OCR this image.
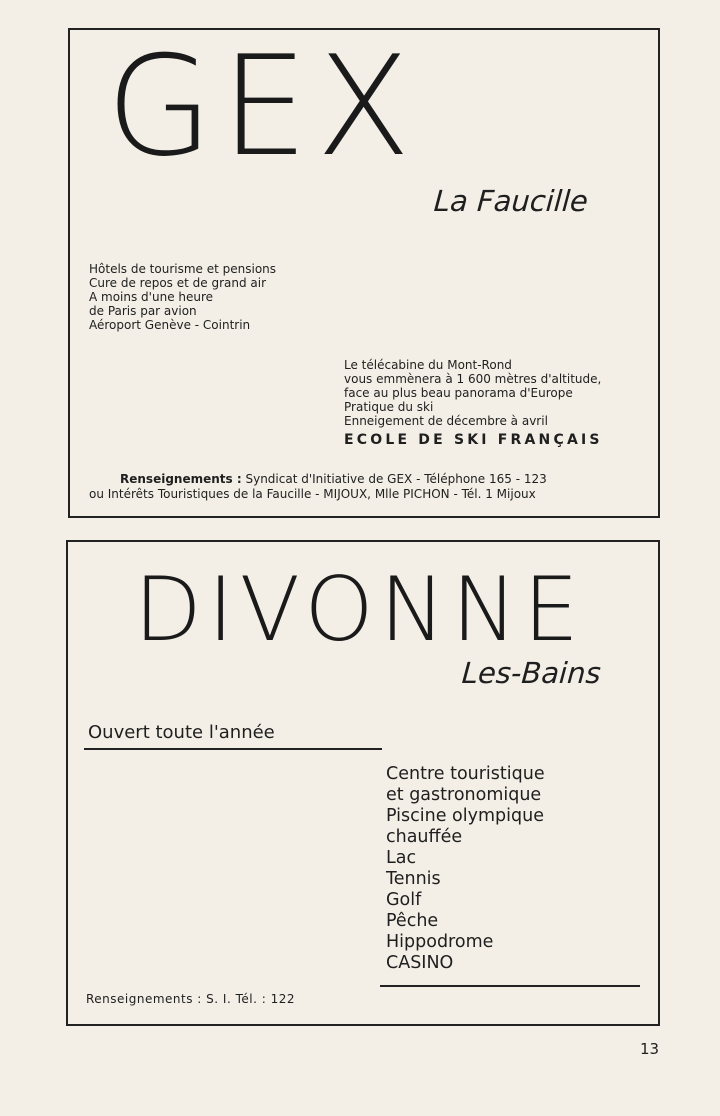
GEX
La Faucille
Hôtels de tourisme et pensions
Cure de repos et de grand air
A moins d'une heure
de Paris par avion
Aéroport Genève - Cointrin
Le télécabine du Mont-Rond
vous emmènera à 1 600 mètres d'altitude,
face au plus beau panorama d'Europe
Pratique du ski
Enneigement de décembre à avril
ECOLE DE SKI FRANÇAIS
Renseignements : Syndicat d'Initiative de GEX - Téléphone 165 - 123
ou Intérêts Touristiques de la Faucille - MIJOUX, Mlle PICHON - Tél. 1 Mijoux
DIVONNE
Les-Bains
Ouvert toute l'année
Centre touristique
et gastronomique
Piscine olympique
chauffée
Lac
Tennis
Golf
Pêche
Hippodrome
CASINO
Renseignements : S. I. Tél. : 122
13
